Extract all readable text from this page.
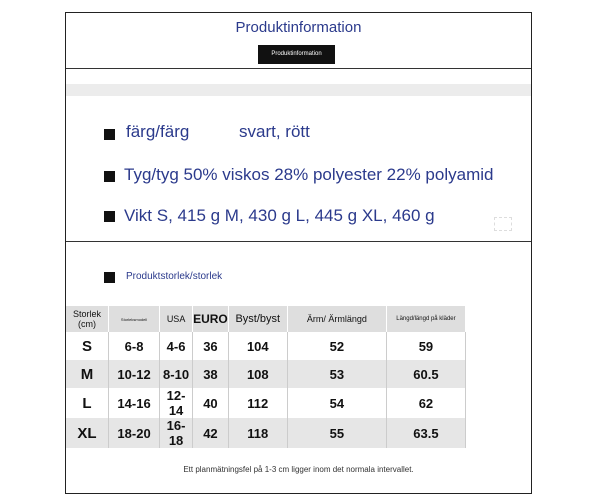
Produktinformation
Produktinformation
färg/färg	svart, rött
Tyg/tyg 50% viskos 28% polyester 22% polyamid
Vikt S, 415 g M, 430 g L, 445 g XL, 460 g
Produktstorlek/storlek
Storlek (cm)	Storleksmodell	USA	EURO	Byst/byst	Ärm/ Ärmlängd	Längd/längd på kläder
S	6-8	4-6	36	104	52	59
M	10-12	8-10	38	108	53	60.5
L	14-16	12-14	40	112	54	62
XL	18-20	16-18	42	118	55	63.5
Ett planmätningsfel på 1-3 cm ligger inom det normala intervallet.
